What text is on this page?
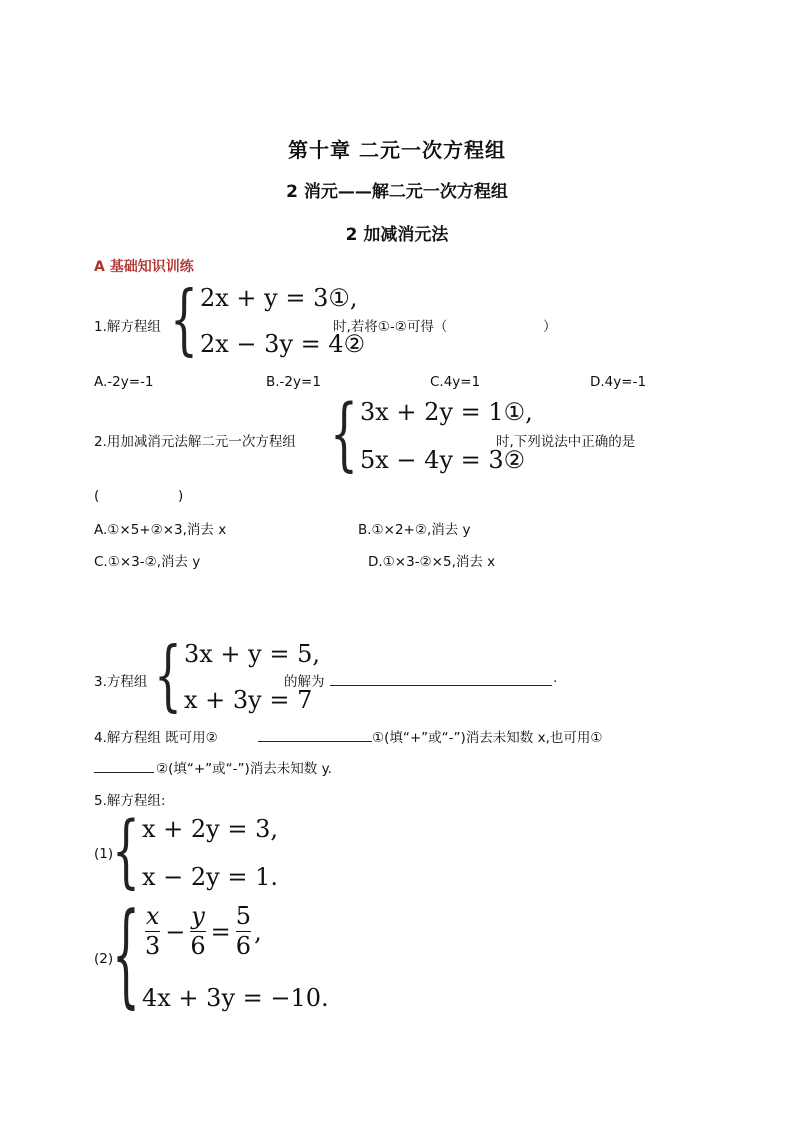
第十章 二元一次方程组
2 消元——解二元一次方程组
2 加减消元法
A 基础知识训练
1.解方程组 { 2x + y = 3①,
2x − 3y = 4②
时,若将①-②可得（	）
A.-2y=-1	B.-2y=1	C.4y=1	D.4y=-1
2.用加减消元法解二元一次方程组 { 3x + 2y = 1①,
5x − 4y = 3②
时,下列说法中正确的是
(	)
A.①×5+②×3,消去 x	B.①×2+②,消去 y
C.①×3-②,消去 y	D.①×3-②×5,消去 x
3.方程组 { 3x + y = 5,
x + 3y = 7
的解为	.
4.解方程组 既可用②	①(填“+”或“-”)消去未知数 x,也可用①
②(填“+”或“-”)消去未知数 y.
5.解方程组:
(1)
{ x + 2y = 3,
x − 2y = 1.
(2)
{ $\frac{x}{3} - \frac{y}{6} = \frac{5}{6}$ ,
4x + 3y = −10.
